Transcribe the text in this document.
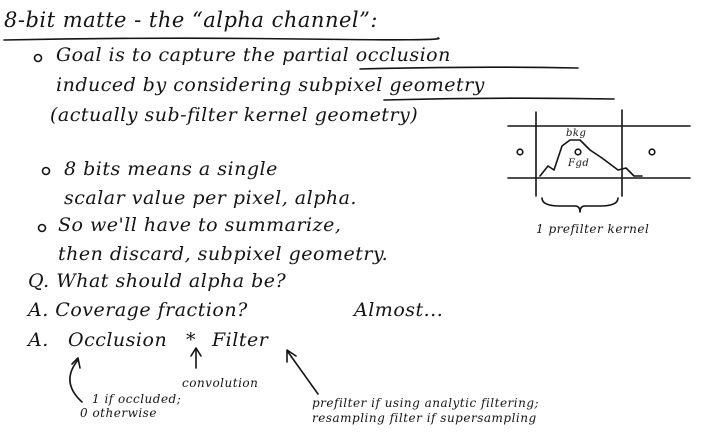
8-bit matte - the “alpha channel”:
Goal is to capture the partial occlusion
induced by considering subpixel geometry
(actually sub-filter kernel geometry)
8 bits means a single
scalar value per pixel, alpha.
So we'll have to summarize,
then discard, subpixel geometry.
Q. What should alpha be?
A. Coverage fraction?	Almost...
A. Occlusion * Filter
1 if occluded;
0 otherwise
convolution
prefilter if using analytic filtering;
resampling filter if supersampling
bkg
Fgd
1 prefilter kernel
